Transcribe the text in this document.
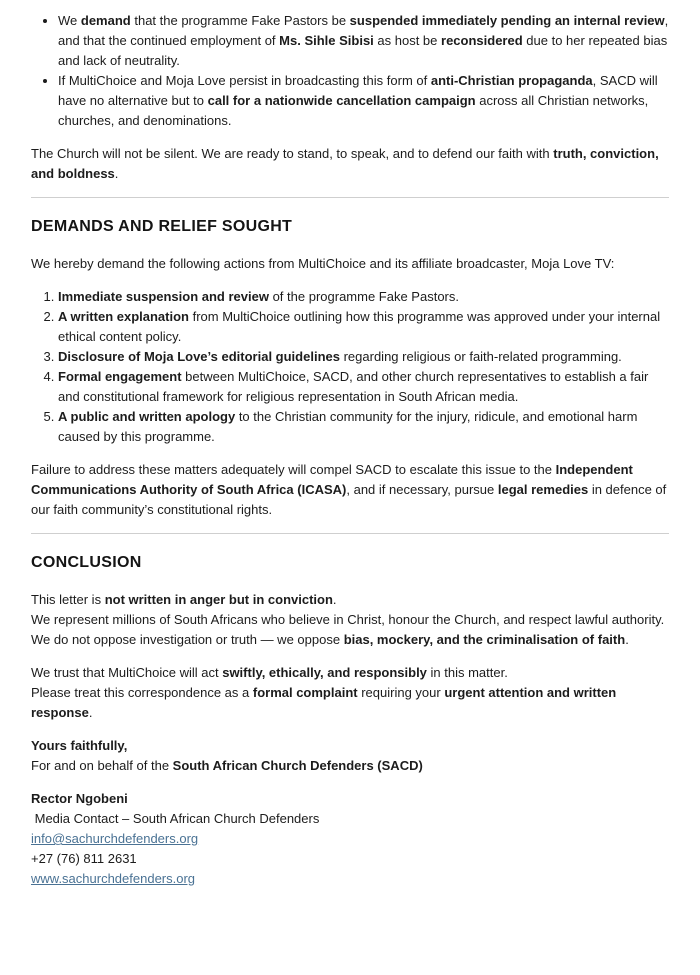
• We demand that the programme Fake Pastors be suspended immediately pending an internal review, and that the continued employment of Ms. Sihle Sibisi as host be reconsidered due to her repeated bias and lack of neutrality.
• If MultiChoice and Moja Love persist in broadcasting this form of anti-Christian propaganda, SACD will have no alternative but to call for a nationwide cancellation campaign across all Christian networks, churches, and denominations.

The Church will not be silent. We are ready to stand, to speak, and to defend our faith with truth, conviction, and boldness.

DEMANDS AND RELIEF SOUGHT

We hereby demand the following actions from MultiChoice and its affiliate broadcaster, Moja Love TV:

1. Immediate suspension and review of the programme Fake Pastors.
2. A written explanation from MultiChoice outlining how this programme was approved under your internal ethical content policy.
3. Disclosure of Moja Love’s editorial guidelines regarding religious or faith-related programming.
4. Formal engagement between MultiChoice, SACD, and other church representatives to establish a fair and constitutional framework for religious representation in South African media.
5. A public and written apology to the Christian community for the injury, ridicule, and emotional harm caused by this programme.

Failure to address these matters adequately will compel SACD to escalate this issue to the Independent Communications Authority of South Africa (ICASA), and if necessary, pursue legal remedies in defence of our faith community’s constitutional rights.

CONCLUSION

This letter is not written in anger but in conviction.
We represent millions of South Africans who believe in Christ, honour the Church, and respect lawful authority. We do not oppose investigation or truth — we oppose bias, mockery, and the criminalisation of faith.

We trust that MultiChoice will act swiftly, ethically, and responsibly in this matter.
Please treat this correspondence as a formal complaint requiring your urgent attention and written response.

Yours faithfully,
For and on behalf of the South African Church Defenders (SACD)

Rector Ngobeni
Media Contact – South African Church Defenders
info@sachurchdefenders.org
+27 (76) 811 2631
www.sachurchdefenders.org
